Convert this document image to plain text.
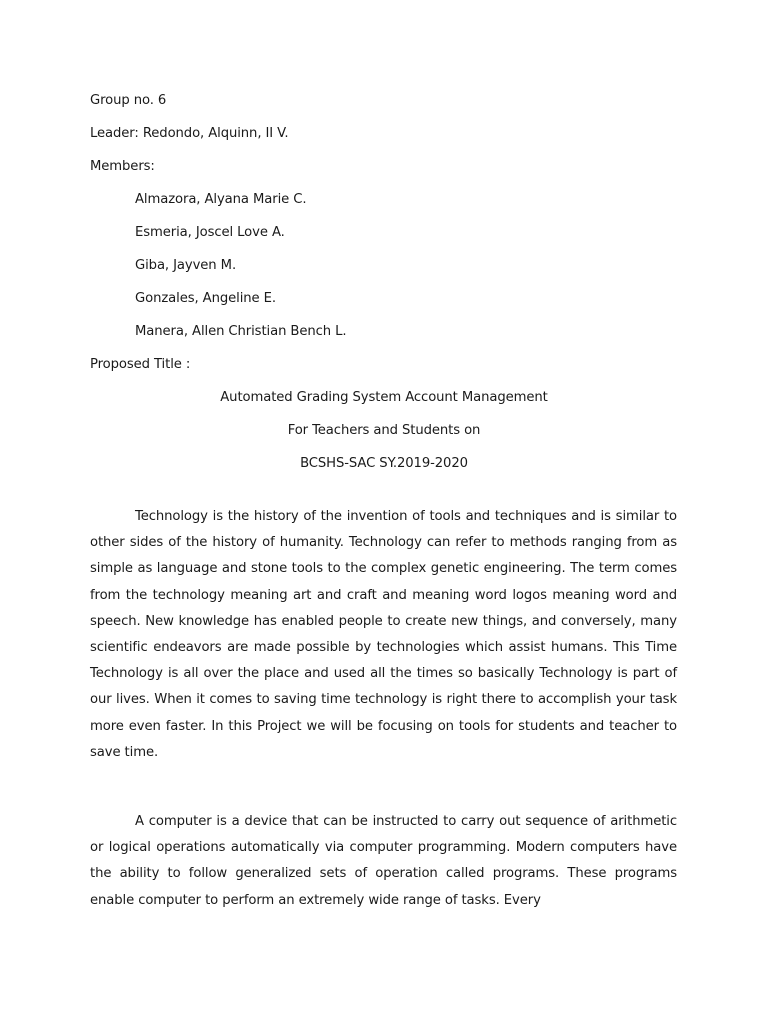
Group no. 6
Leader: Redondo, Alquinn, II V.
Members:
Almazora, Alyana Marie C.
Esmeria, Joscel Love A.
Giba, Jayven M.
Gonzales, Angeline E.
Manera, Allen Christian Bench L.
Proposed Title :
Automated Grading System Account Management
For Teachers and Students on
BCSHS-SAC SY.2019-2020

Technology is the history of the invention of tools and techniques and is similar to other sides of the history of humanity. Technology can refer to methods ranging from as simple as language and stone tools to the complex genetic engineering. The term comes from the technology meaning art and craft and meaning word logos meaning word and speech. New knowledge has enabled people to create new things, and conversely, many scientific endeavors are made possible by technologies which assist humans. This Time Technology is all over the place and used all the times so basically Technology is part of our lives. When it comes to saving time technology is right there to accomplish your task more even faster. In this Project we will be focusing on tools for students and teacher to save time.

A computer is a device that can be instructed to carry out sequence of arithmetic or logical operations automatically via computer programming. Modern computers have the ability to follow generalized sets of operation called programs. These programs enable computer to perform an extremely wide range of tasks. Every
